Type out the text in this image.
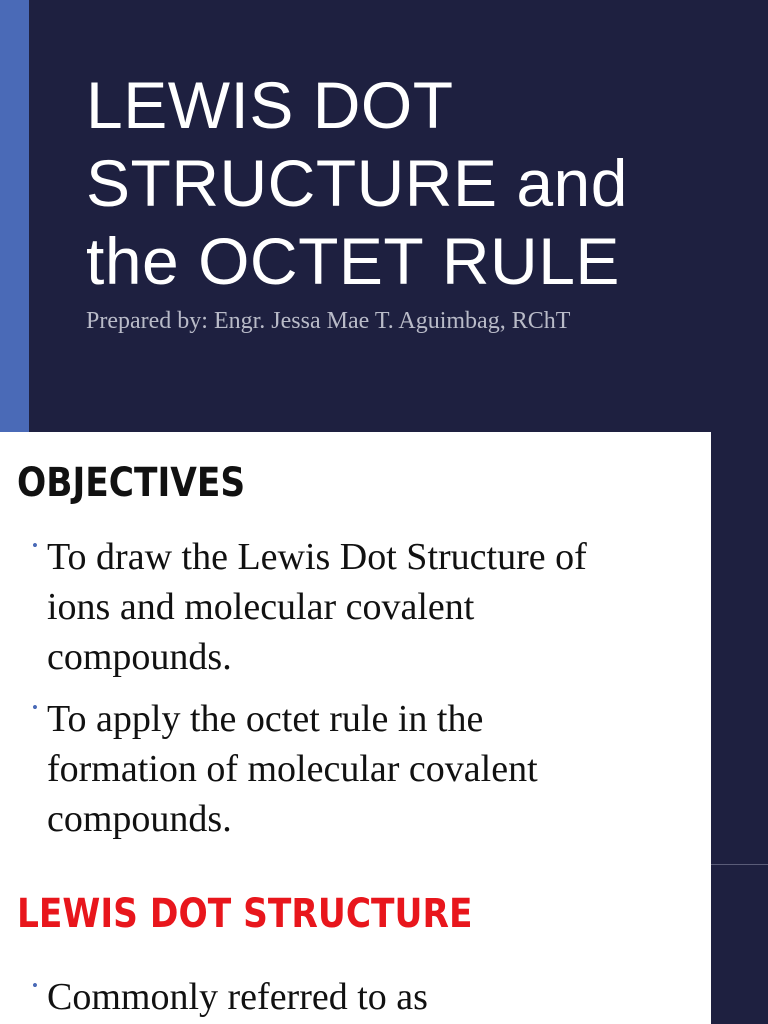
LEWIS DOT
STRUCTURE and
the OCTET RULE

Prepared by: Engr. Jessa Mae T. Aguimbag, RChT

OBJECTIVES
• To draw the Lewis Dot Structure of
ions and molecular covalent
compounds.
• To apply the octet rule in the
formation of molecular covalent
compounds.
LEWIS DOT STRUCTURE
• Commonly referred to as
